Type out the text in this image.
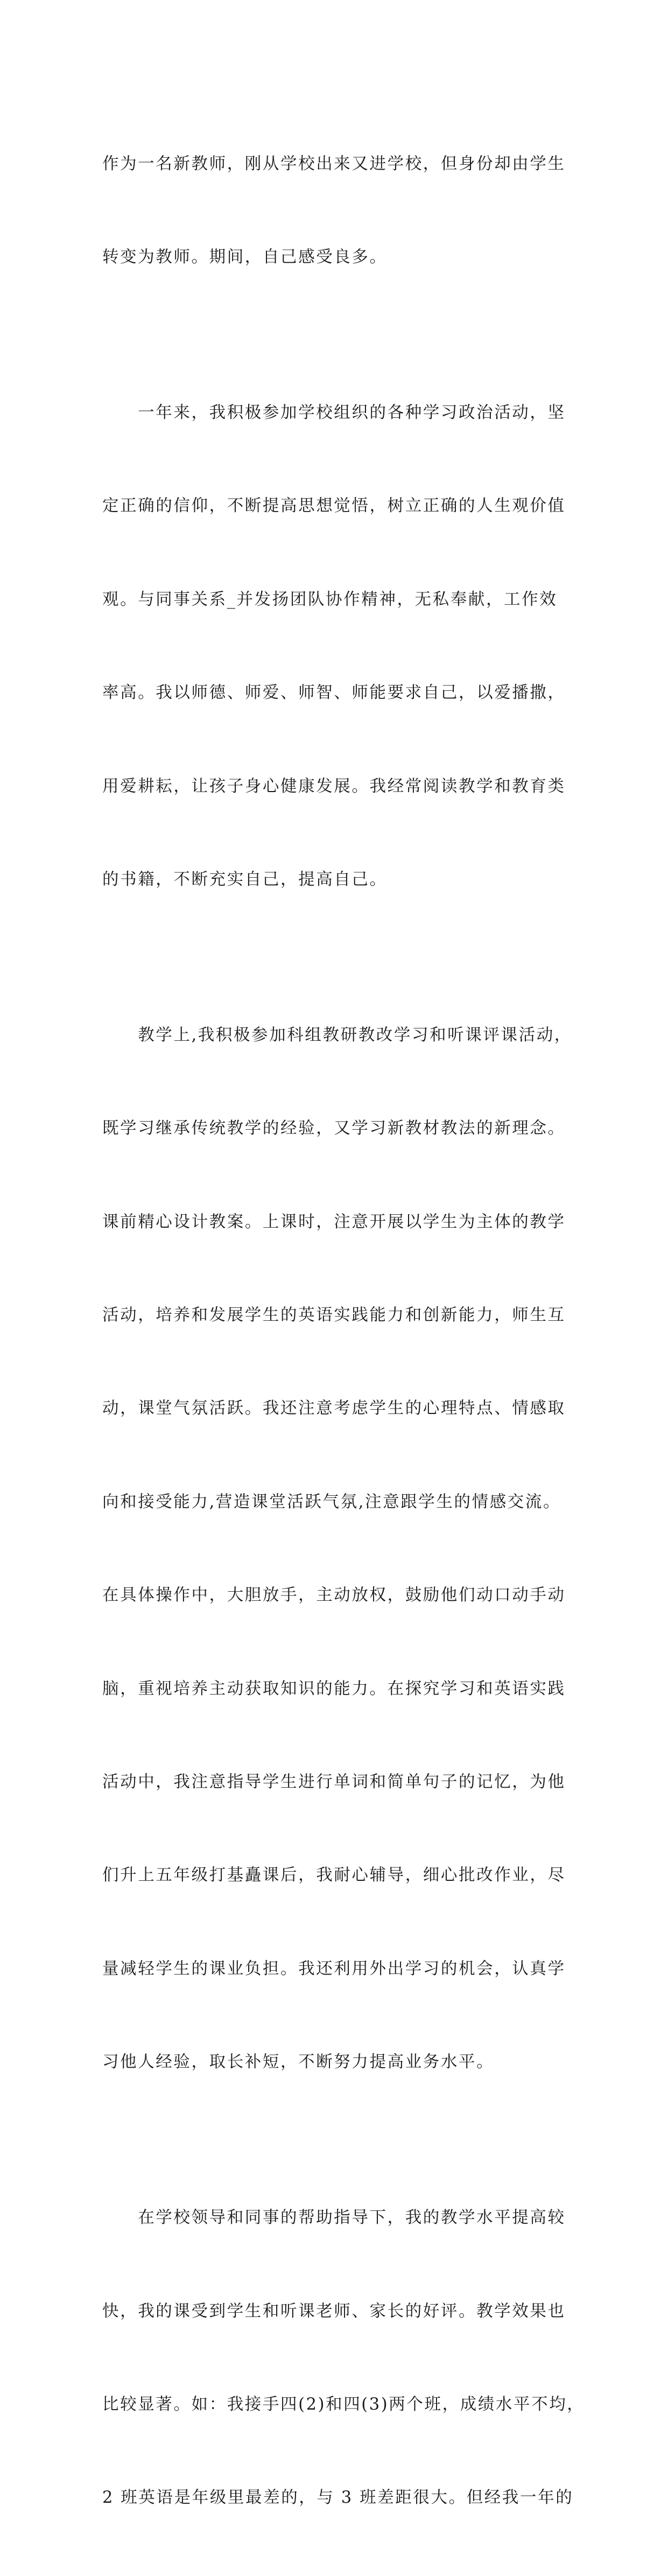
作为一名新教师，刚从学校出来又进学校，但身份却由学生

转变为教师。期间，自己感受良多。

　　一年来，我积极参加学校组织的各种学习政治活动，坚

定正确的信仰，不断提高思想觉悟，树立正确的人生观价值

观。与同事关系_并发扬团队协作精神，无私奉献，工作效

率高。我以师德、师爱、师智、师能要求自己，以爱播撒，

用爱耕耘，让孩子身心健康发展。我经常阅读教学和教育类

的书籍，不断充实自己，提高自己。

　　教学上,我积极参加科组教研教改学习和听课评课活动，

既学习继承传统教学的经验，又学习新教材教法的新理念。

课前精心设计教案。上课时，注意开展以学生为主体的教学

活动，培养和发展学生的英语实践能力和创新能力，师生互

动，课堂气氛活跃。我还注意考虑学生的心理特点、情感取

向和接受能力,营造课堂活跃气氛,注意跟学生的情感交流。

在具体操作中，大胆放手，主动放权，鼓励他们动口动手动

脑，重视培养主动获取知识的能力。在探究学习和英语实践

活动中，我注意指导学生进行单词和简单句子的记忆，为他

们升上五年级打基矗课后，我耐心辅导，细心批改作业，尽

量减轻学生的课业负担。我还利用外出学习的机会，认真学

习他人经验，取长补短，不断努力提高业务水平。

　　在学校领导和同事的帮助指导下，我的教学水平提高较

快，我的课受到学生和听课老师、家长的好评。教学效果也

比较显著。如：我接手四(2)和四(3)两个班，成绩水平不均，

2 班英语是年级里最差的，与 3 班差距很大。但经我一年的
